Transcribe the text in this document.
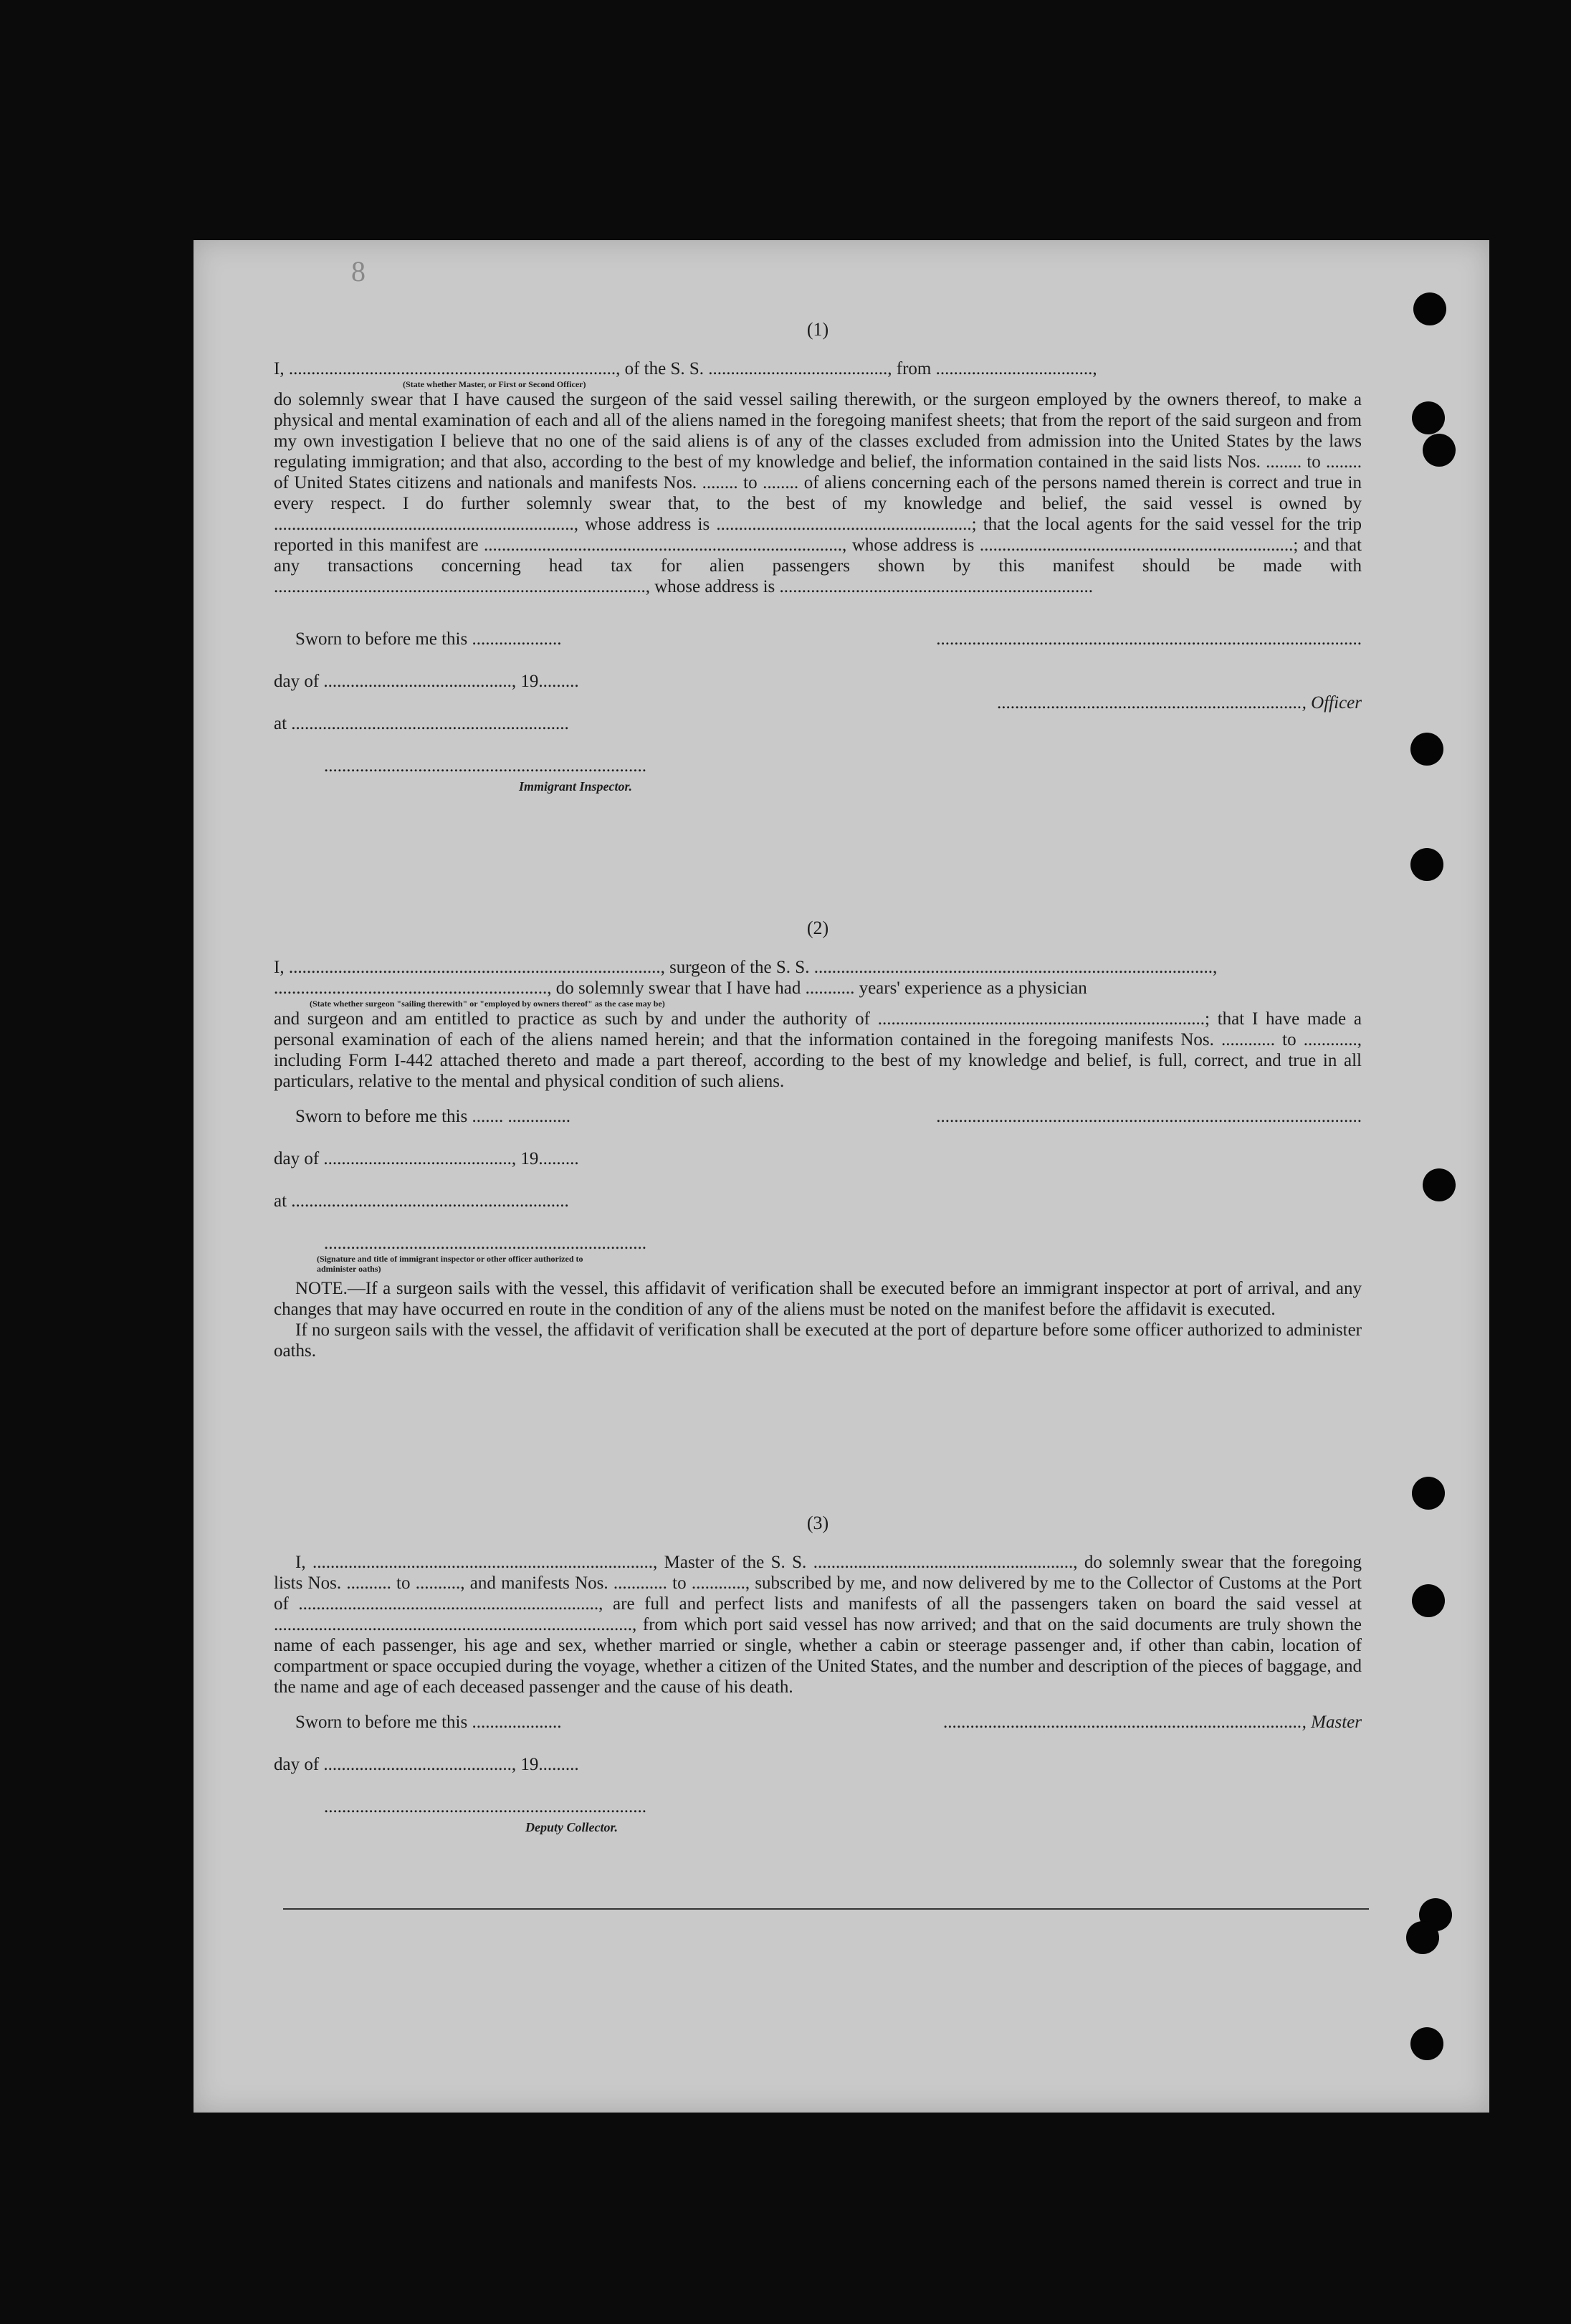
8
(1)
I, ........................................................................., of the S. S. ........................................, from ...................................,
(State whether Master, or First or Second Officer)
do solemnly swear that I have caused the surgeon of the said vessel sailing therewith, or the surgeon employed by the owners thereof, to make a physical and mental examination of each and all of the aliens named in the foregoing manifest sheets; that from the report of the said surgeon and from my own investigation I believe that no one of the said aliens is of any of the classes excluded from admission into the United States by the laws regulating immigration; and that also, according to the best of my knowledge and belief, the information contained in the said lists Nos. ........ to ........ of United States citizens and nationals and manifests Nos. ........ to ........ of aliens concerning each of the persons named therein is correct and true in every respect. I do further solemnly swear that, to the best of my knowledge and belief, the said vessel is owned by ..................................................................., whose address is .........................................................; that the local agents for the said vessel for the trip reported in this manifest are ................................................................................, whose address is ......................................................................; and that any transactions concerning head tax for alien passengers shown by this manifest should be made with ..................................................................................., whose address is ......................................................................
Sworn to before me this ....................
day of .........................................., 19.........
at ..............................................................
........................................................................
Immigrant Inspector.
...............................................................................................
...................................................................., Officer
(2)
I, ..................................................................................., surgeon of the S. S. .........................................................................................,
............................................................., do solemnly swear that I have had ........... years' experience as a physician
(State whether surgeon "sailing therewith" or "employed by owners thereof" as the case may be)
and surgeon and am entitled to practice as such by and under the authority of .........................................................................; that I have made a personal examination of each of the aliens named herein; and that the information contained in the foregoing manifests Nos. ............ to ............, including Form I-442 attached thereto and made a part thereof, according to the best of my knowledge and belief, is full, correct, and true in all particulars, relative to the mental and physical condition of such aliens.
Sworn to before me this ....... ..............
day of .........................................., 19.........
at ..............................................................
........................................................................
(Signature and title of immigrant inspector or other officer authorized to administer oaths)
...............................................................................................
NOTE.—If a surgeon sails with the vessel, this affidavit of verification shall be executed before an immigrant inspector at port of arrival, and any changes that may have occurred en route in the condition of any of the aliens must be noted on the manifest before the affidavit is executed.
If no surgeon sails with the vessel, the affidavit of verification shall be executed at the port of departure before some officer authorized to administer oaths.
(3)
I, ............................................................................, Master of the S. S. .........................................................., do solemnly swear that the foregoing lists Nos. .......... to .........., and manifests Nos. ............ to ............, subscribed by me, and now delivered by me to the Collector of Customs at the Port of ..................................................................., are full and perfect lists and manifests of all the passengers taken on board the said vessel at ................................................................................, from which port said vessel has now arrived; and that on the said documents are truly shown the name of each passenger, his age and sex, whether married or single, whether a cabin or steerage passenger and, if other than cabin, location of compartment or space occupied during the voyage, whether a citizen of the United States, and the number and description of the pieces of baggage, and the name and age of each deceased passenger and the cause of his death.
Sworn to before me this ....................
day of .........................................., 19.........
........................................................................
Deputy Collector.
................................................................................, Master
